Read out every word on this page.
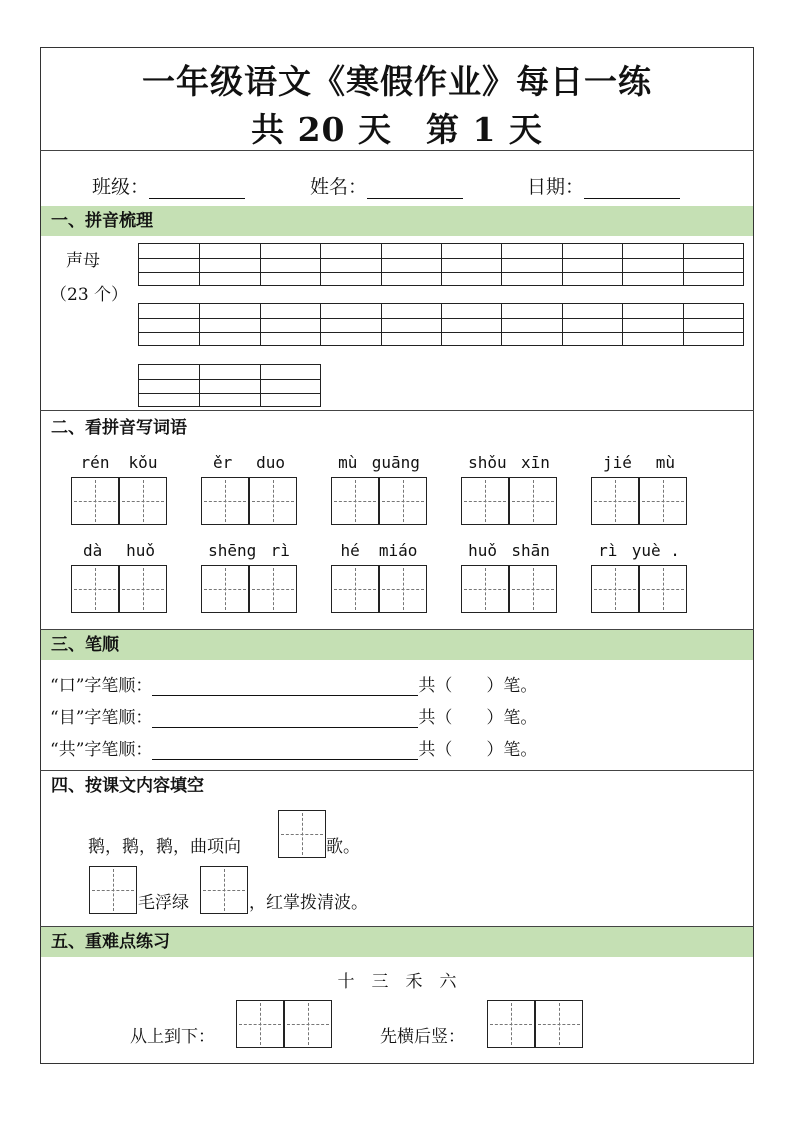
一年级语文《寒假作业》每日一练
共 20 天　第 1 天
班级：	姓名：	日期：
一、拼音梳理
声母
（23 个）
二、看拼音写词语
rén kǒu	ěr duo	mù guāng	shǒu xīn	jié mù
dà huǒ	shēng rì	hé miáo	huǒ shān	rì yuè .
三、笔顺
“口”字笔顺：	共（　　）笔。
“目”字笔顺：	共（　　）笔。
“共”字笔顺：	共（　　）笔。
四、按课文内容填空
鹅，鹅，鹅，曲项向	歌。
毛浮绿	，红掌拨清波。
五、重难点练习
十　三　禾　六
从上到下：	先横后竖：
